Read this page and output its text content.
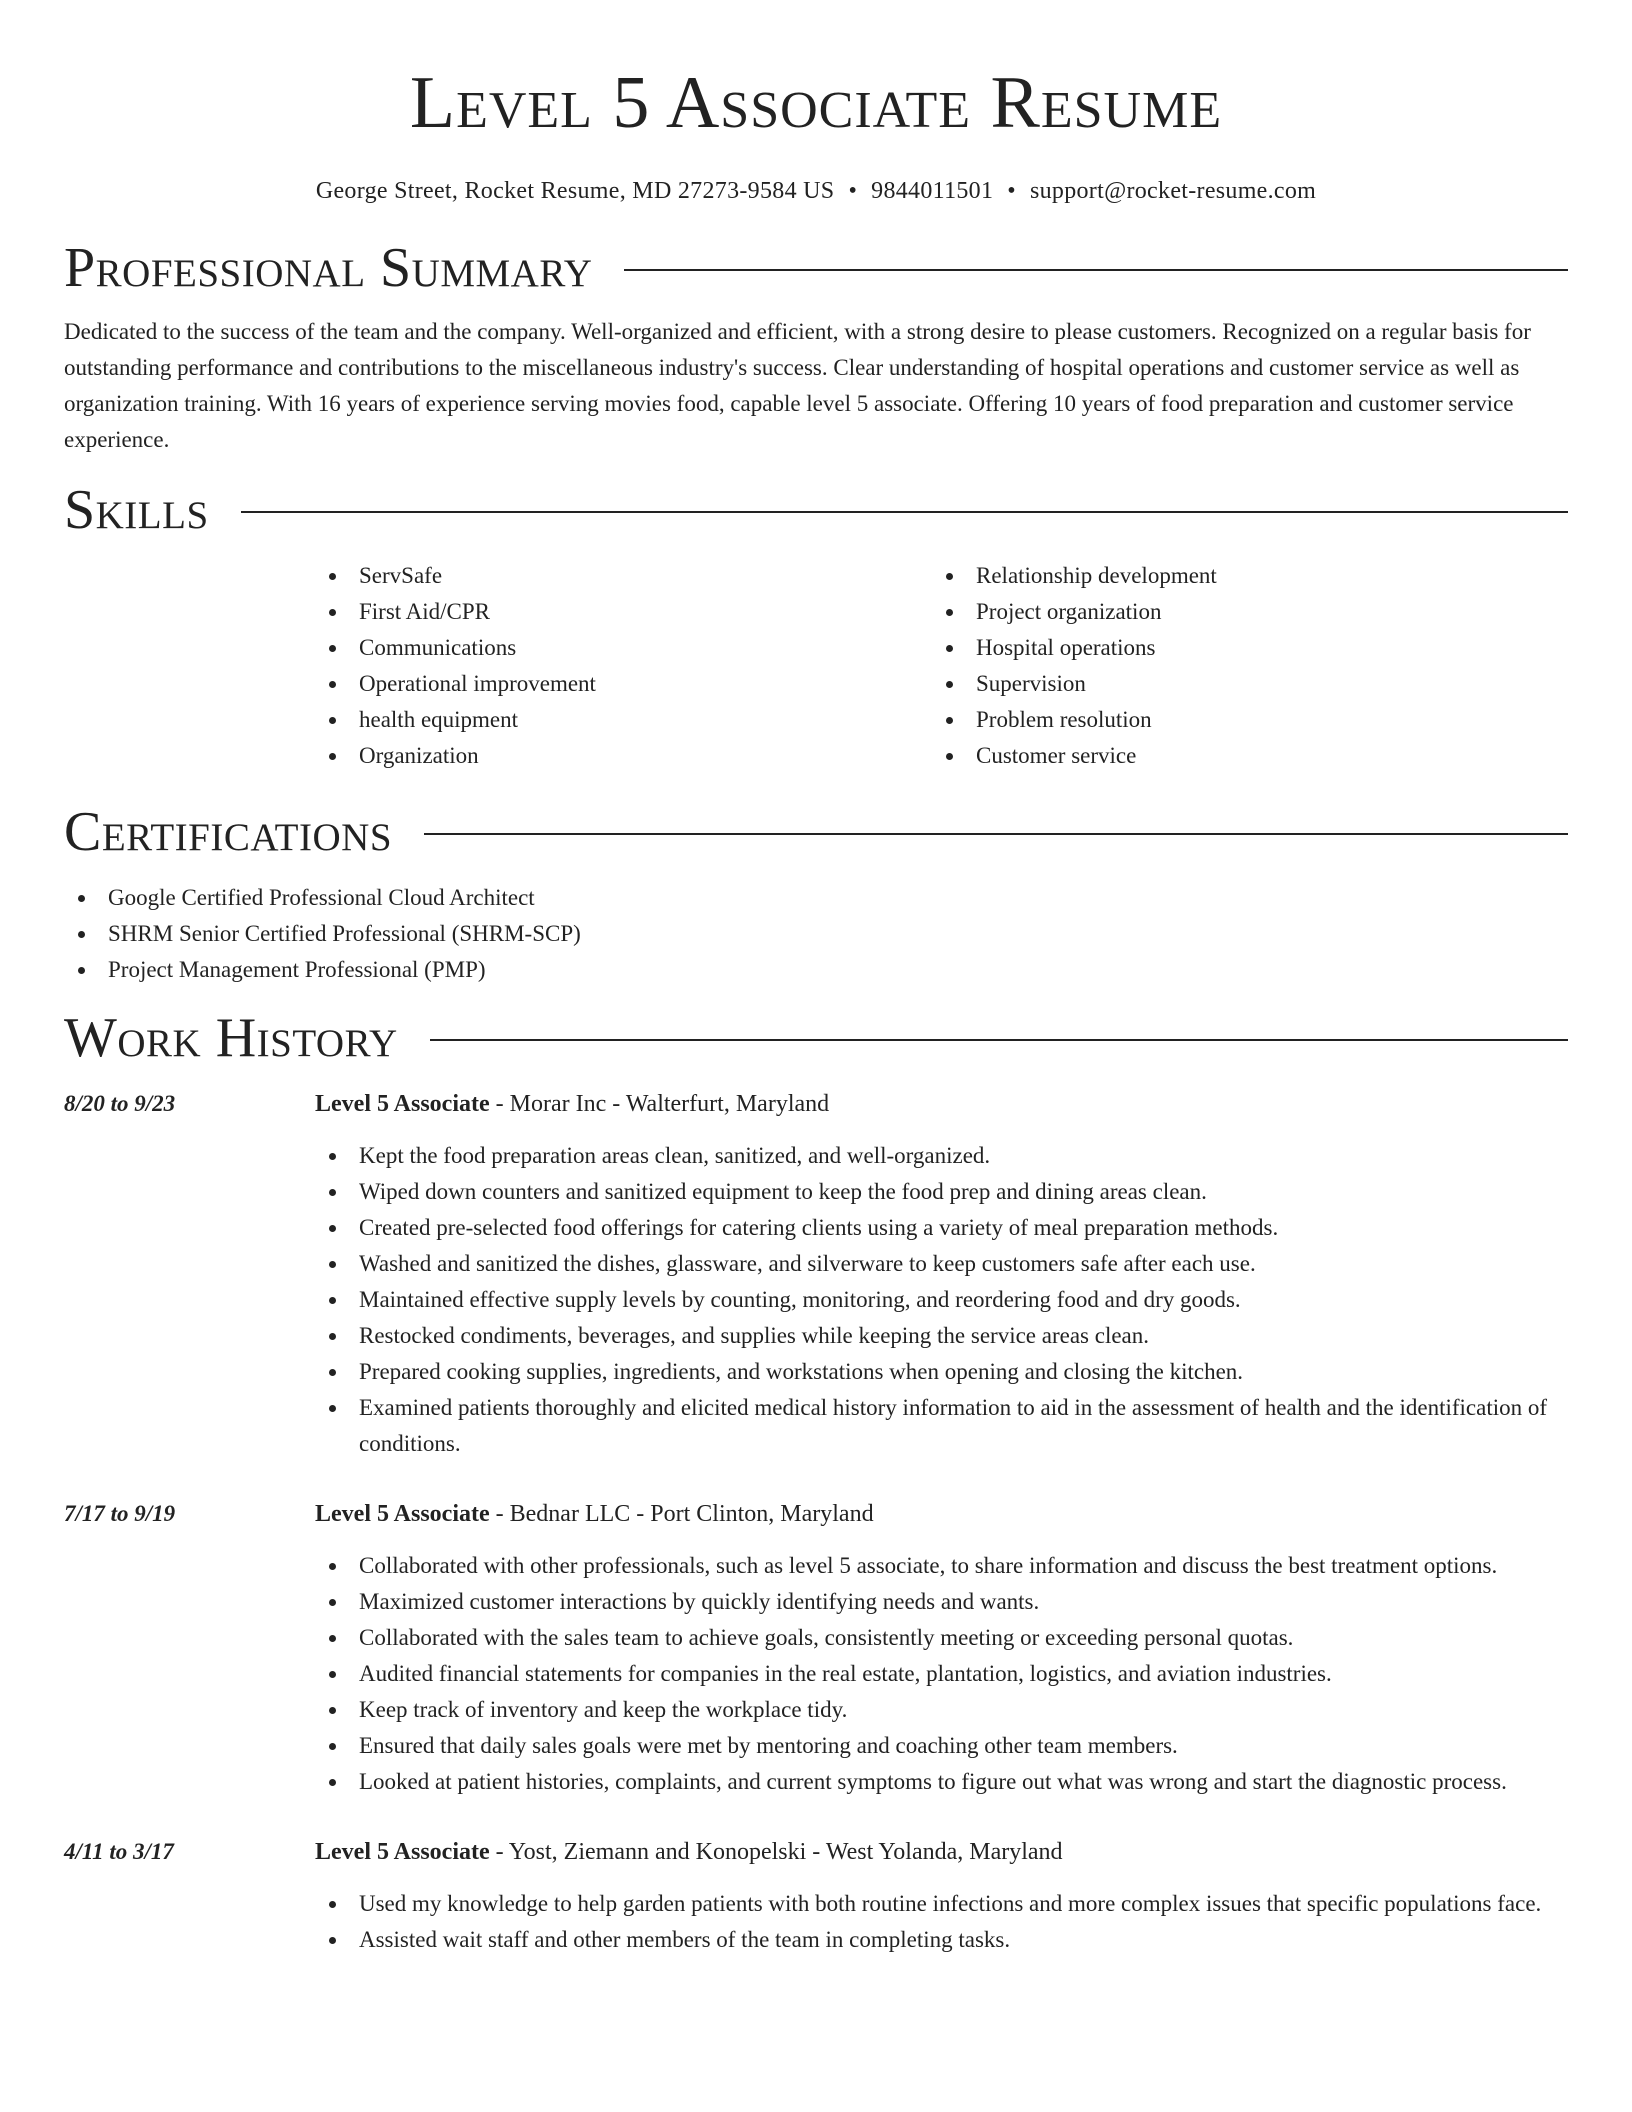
Level 5 Associate Resume
George Street, Rocket Resume, MD 27273-9584 US • 9844011501 • support@rocket-resume.com
Professional Summary

Dedicated to the success of the team and the company. Well-organized and efficient, with a strong desire to please customers. Recognized on a regular basis for outstanding performance and contributions to the miscellaneous industry's success. Clear understanding of hospital operations and customer service as well as organization training. With 16 years of experience serving movies food, capable level 5 associate. Offering 10 years of food preparation and customer service experience.

Skills
ServSafe
First Aid/CPR
Communications
Operational improvement
health equipment
Organization
Relationship development
Project organization
Hospital operations
Supervision
Problem resolution
Customer service
Certifications
Google Certified Professional Cloud Architect
SHRM Senior Certified Professional (SHRM-SCP)
Project Management Professional (PMP)
Work History
8/20 to 9/23	Level 5 Associate - Morar Inc - Walterfurt, Maryland
Kept the food preparation areas clean, sanitized, and well-organized.
Wiped down counters and sanitized equipment to keep the food prep and dining areas clean.
Created pre-selected food offerings for catering clients using a variety of meal preparation methods.
Washed and sanitized the dishes, glassware, and silverware to keep customers safe after each use.
Maintained effective supply levels by counting, monitoring, and reordering food and dry goods.
Restocked condiments, beverages, and supplies while keeping the service areas clean.
Prepared cooking supplies, ingredients, and workstations when opening and closing the kitchen.
Examined patients thoroughly and elicited medical history information to aid in the assessment of health and the identification of conditions.
7/17 to 9/19	Level 5 Associate - Bednar LLC - Port Clinton, Maryland
Collaborated with other professionals, such as level 5 associate, to share information and discuss the best treatment options.
Maximized customer interactions by quickly identifying needs and wants.
Collaborated with the sales team to achieve goals, consistently meeting or exceeding personal quotas.
Audited financial statements for companies in the real estate, plantation, logistics, and aviation industries.
Keep track of inventory and keep the workplace tidy.
Ensured that daily sales goals were met by mentoring and coaching other team members.
Looked at patient histories, complaints, and current symptoms to figure out what was wrong and start the diagnostic process.
4/11 to 3/17	Level 5 Associate - Yost, Ziemann and Konopelski - West Yolanda, Maryland
Used my knowledge to help garden patients with both routine infections and more complex issues that specific populations face.
Assisted wait staff and other members of the team in completing tasks.
